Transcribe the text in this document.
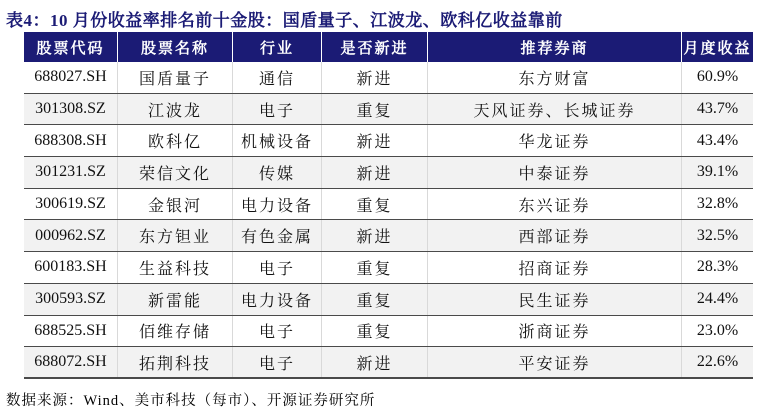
表4：10 月份收益率排名前十金股：国盾量子、江波龙、欧科亿收益靠前
股票代码	股票名称	行业	是否新进	推荐券商	月度收益
688027.SH	国盾量子	通信	新进	东方财富	60.9%
301308.SZ	江波龙	电子	重复	天风证券、长城证券	43.7%
688308.SH	欧科亿	机械设备	新进	华龙证券	43.4%
301231.SZ	荣信文化	传媒	新进	中泰证券	39.1%
300619.SZ	金银河	电力设备	重复	东兴证券	32.8%
000962.SZ	东方钽业	有色金属	新进	西部证券	32.5%
600183.SH	生益科技	电子	重复	招商证券	28.3%
300593.SZ	新雷能	电力设备	重复	民生证券	24.4%
688525.SH	佰维存储	电子	重复	浙商证券	23.0%
688072.SH	拓荆科技	电子	新进	平安证券	22.6%
数据来源：Wind、美市科技（每市）、开源证券研究所
